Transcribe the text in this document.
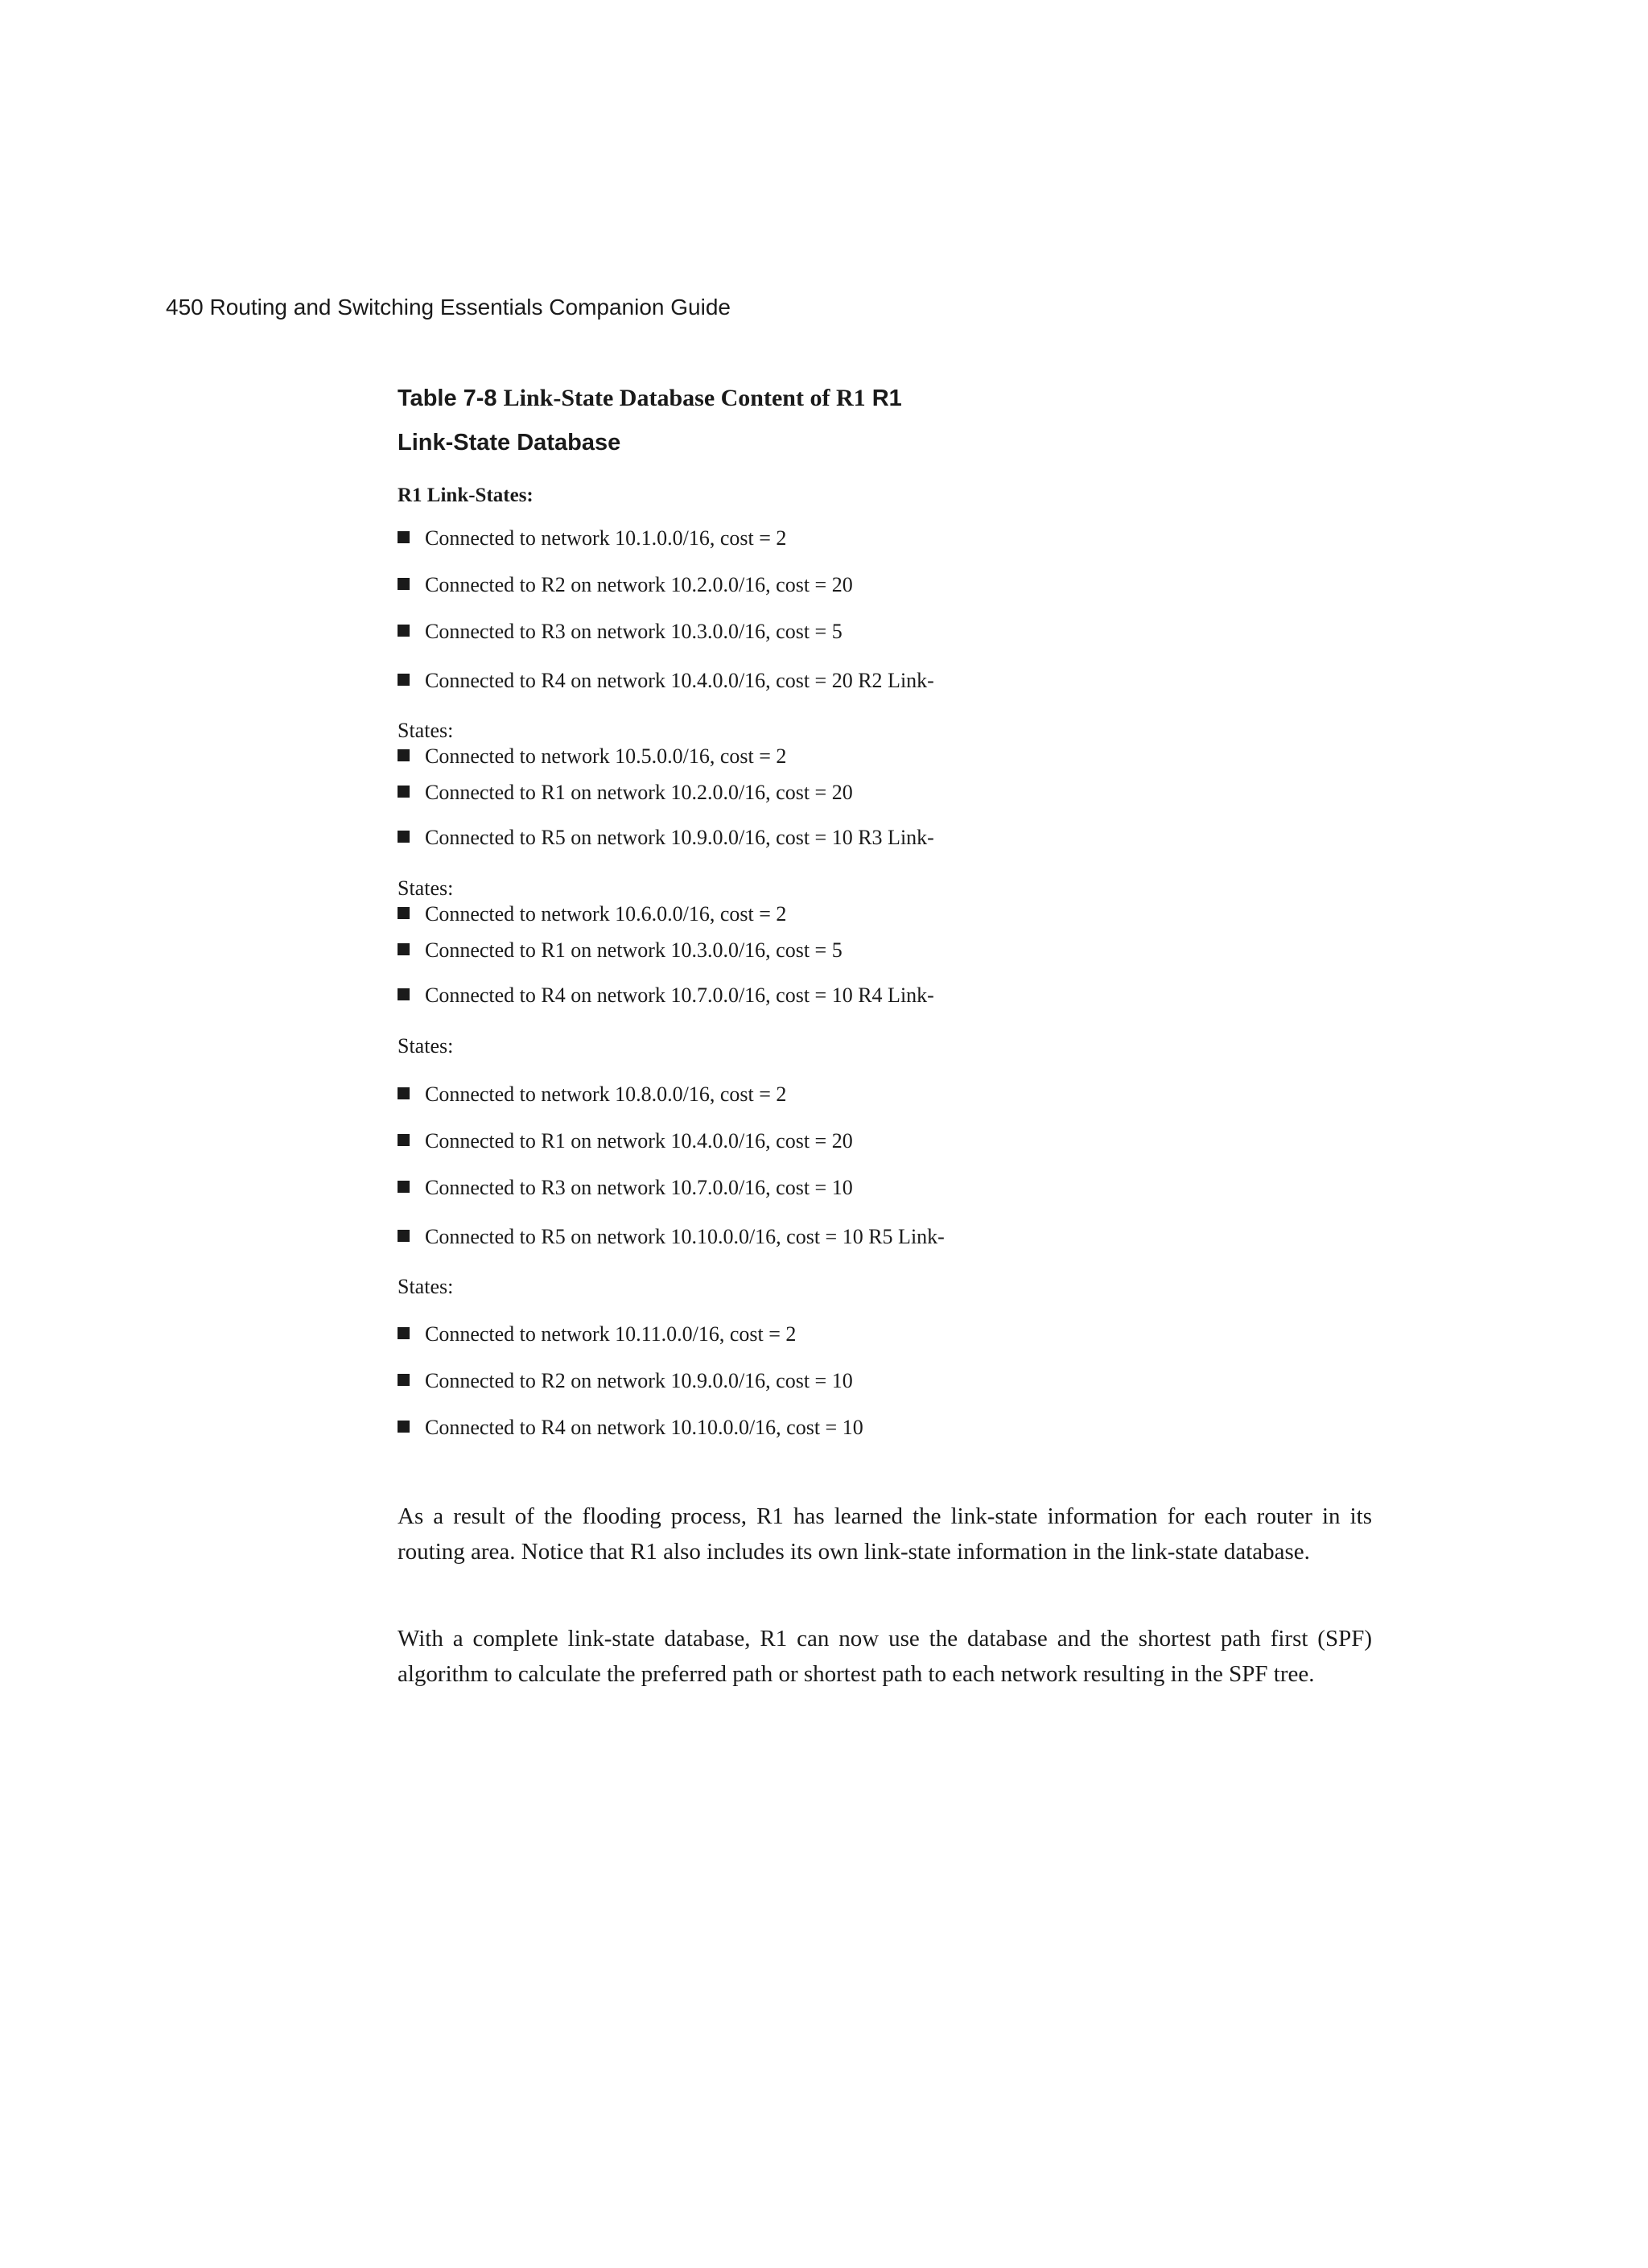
450 Routing and Switching Essentials Companion Guide
Table 7-8 Link-State Database Content of R1 R1
Link-State Database
R1 Link-States:
Connected to network 10.1.0.0/16, cost = 2
Connected to R2 on network 10.2.0.0/16, cost = 20
Connected to R3 on network 10.3.0.0/16, cost = 5
Connected to R4 on network 10.4.0.0/16, cost = 20 R2 Link-
States:
Connected to network 10.5.0.0/16, cost = 2
Connected to R1 on network 10.2.0.0/16, cost = 20
Connected to R5 on network 10.9.0.0/16, cost = 10 R3 Link-
States:
Connected to network 10.6.0.0/16, cost = 2
Connected to R1 on network 10.3.0.0/16, cost = 5
Connected to R4 on network 10.7.0.0/16, cost = 10 R4 Link-
States:
Connected to network 10.8.0.0/16, cost = 2
Connected to R1 on network 10.4.0.0/16, cost = 20
Connected to R3 on network 10.7.0.0/16, cost = 10
Connected to R5 on network 10.10.0.0/16, cost = 10 R5 Link-
States:
Connected to network 10.11.0.0/16, cost = 2
Connected to R2 on network 10.9.0.0/16, cost = 10
Connected to R4 on network 10.10.0.0/16, cost = 10

As a result of the flooding process, R1 has learned the link-state information for each router in its routing area. Notice that R1 also includes its own link-state information in the link-state database.

With a complete link-state database, R1 can now use the database and the shortest path first (SPF) algorithm to calculate the preferred path or shortest path to each network resulting in the SPF tree.
